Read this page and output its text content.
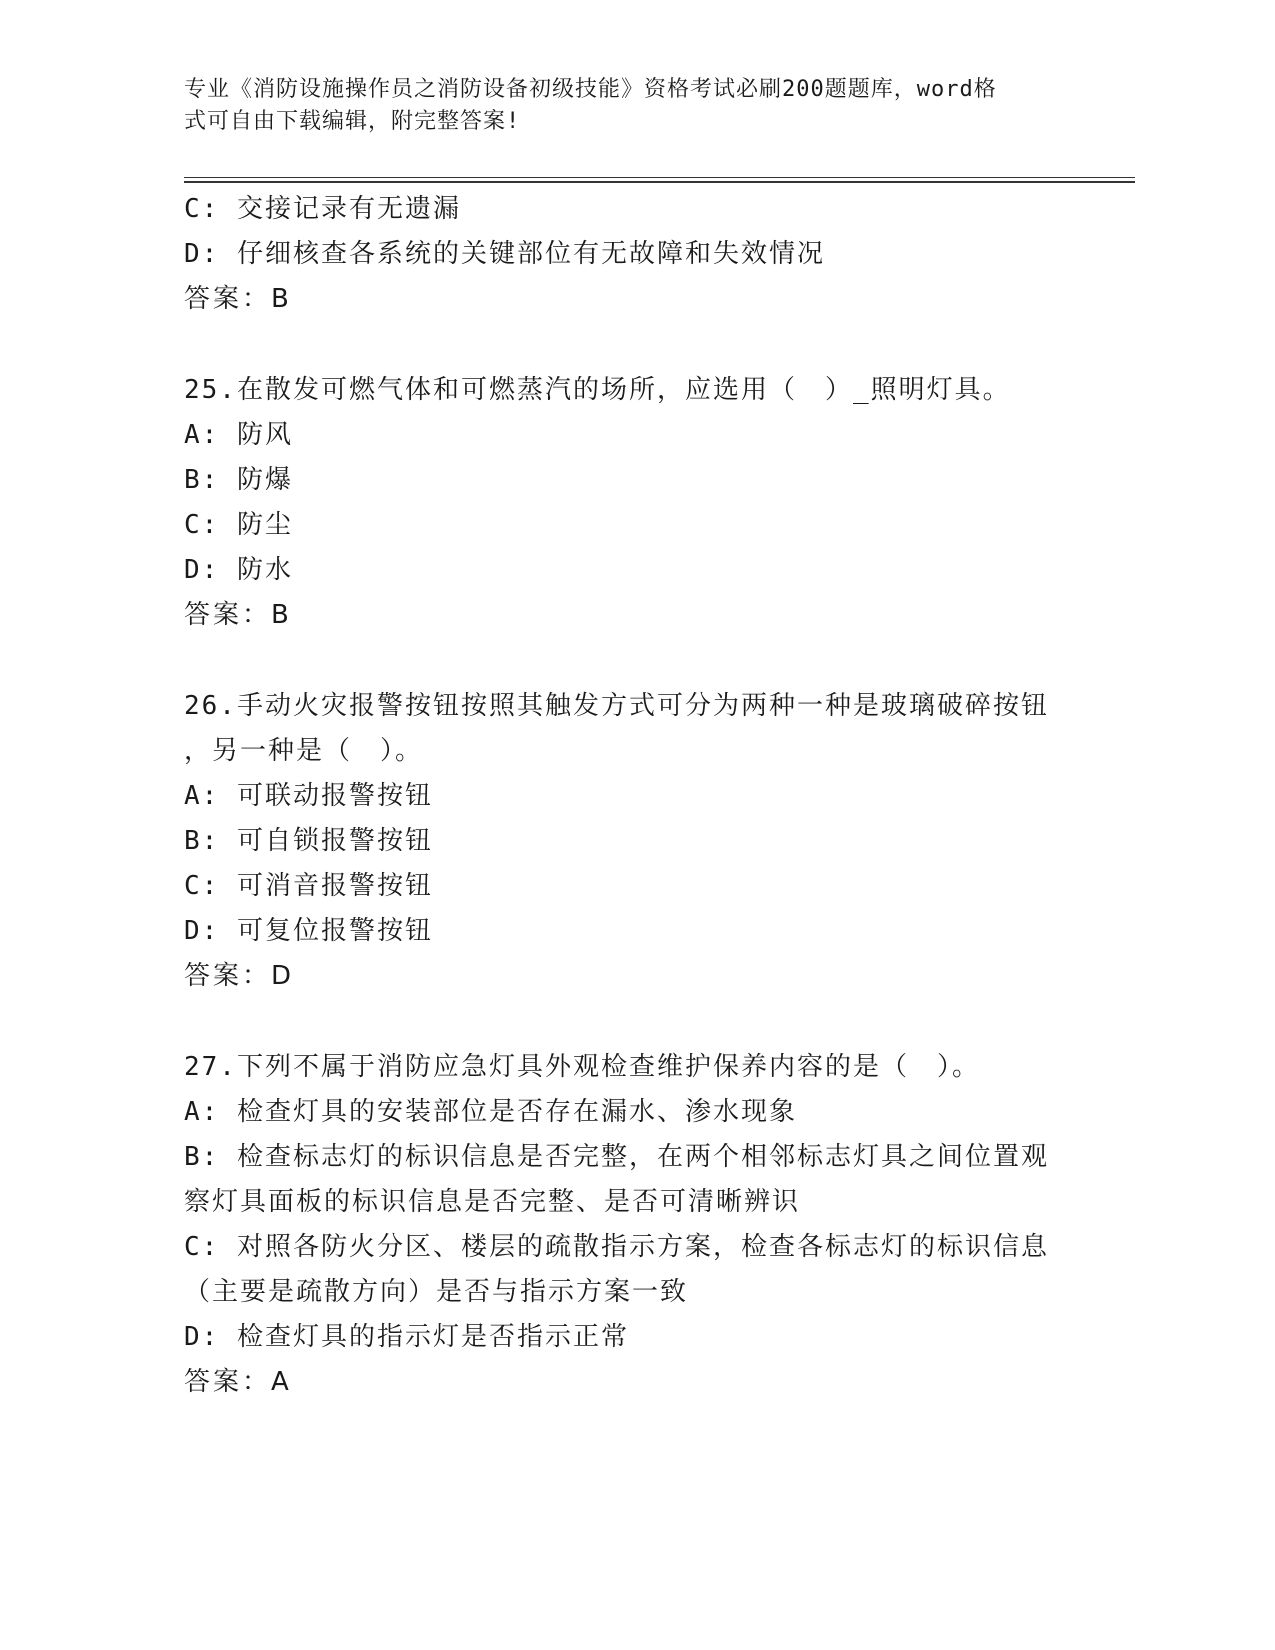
专业《消防设施操作员之消防设备初级技能》资格考试必刷200题题库，word格
式可自由下载编辑，附完整答案!
C: 交接记录有无遗漏
D: 仔细核查各系统的关键部位有无故障和失效情况
答案：B
25.在散发可燃气体和可燃蒸汽的场所，应选用（　）_照明灯具。
A: 防风
B: 防爆
C: 防尘
D: 防水
答案：B
26.手动火灾报警按钮按照其触发方式可分为两种一种是玻璃破碎按钮
，另一种是（　）。
A: 可联动报警按钮
B: 可自锁报警按钮
C: 可消音报警按钮
D: 可复位报警按钮
答案：D
27.下列不属于消防应急灯具外观检查维护保养内容的是（　）。
A: 检查灯具的安装部位是否存在漏水、渗水现象
B: 检查标志灯的标识信息是否完整，在两个相邻标志灯具之间位置观
察灯具面板的标识信息是否完整、是否可清晰辨识
C: 对照各防火分区、楼层的疏散指示方案，检查各标志灯的标识信息
（主要是疏散方向）是否与指示方案一致
D: 检查灯具的指示灯是否指示正常
答案：A
